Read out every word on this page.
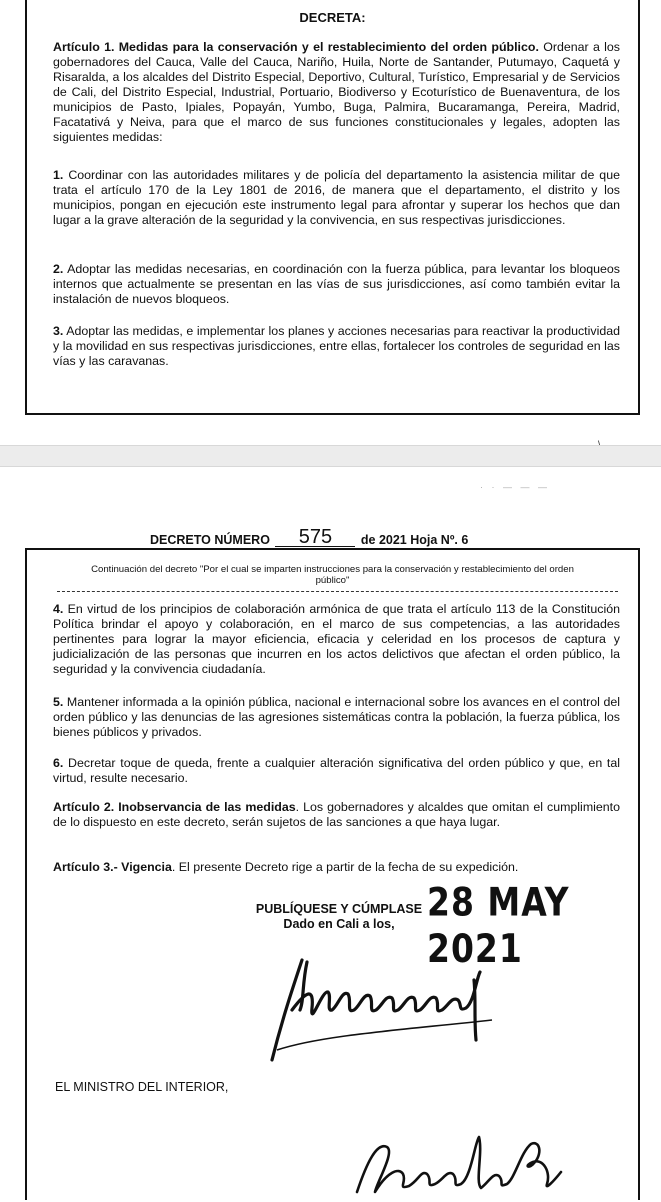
DECRETA:
Artículo 1. Medidas para la conservación y el restablecimiento del orden público. Ordenar a los gobernadores del Cauca, Valle del Cauca, Nariño, Huila, Norte de Santander, Putumayo, Caquetá y Risaralda, a los alcaldes del Distrito Especial, Deportivo, Cultural, Turístico, Empresarial y de Servicios de Cali, del Distrito Especial, Industrial, Portuario, Biodiverso y Ecoturístico de Buenaventura, de los municipios de Pasto, Ipiales, Popayán, Yumbo, Buga, Palmira, Bucaramanga, Pereira, Madrid, Facatativá y Neiva, para que el marco de sus funciones constitucionales y legales, adopten las siguientes medidas:
1. Coordinar con las autoridades militares y de policía del departamento la asistencia militar de que trata el artículo 170 de la Ley 1801 de 2016, de manera que el departamento, el distrito y los municipios, pongan en ejecución este instrumento legal para afrontar y superar los hechos que dan lugar a la grave alteración de la seguridad y la convivencia, en sus respectivas jurisdicciones.
2. Adoptar las medidas necesarias, en coordinación con la fuerza pública, para levantar los bloqueos internos que actualmente se presentan en las vías de sus jurisdicciones, así como también evitar la instalación de nuevos bloqueos.
3. Adoptar las medidas, e implementar los planes y acciones necesarias para reactivar la productividad y la movilidad en sus respectivas jurisdicciones, entre ellas, fortalecer los controles de seguridad en las vías y las caravanas.
· · — — —
DECRETO NÚMERO 575 de 2021 Hoja Nº. 6
Continuación del decreto "Por el cual se imparten instrucciones para la conservación y restablecimiento del orden público"
4. En virtud de los principios de colaboración armónica de que trata el artículo 113 de la Constitución Política brindar el apoyo y colaboración, en el marco de sus competencias, a las autoridades pertinentes para lograr la mayor eficiencia, eficacia y celeridad en los procesos de captura y judicialización de las personas que incurren en los actos delictivos que afectan el orden público, la seguridad y la convivencia ciudadanía.
5. Mantener informada a la opinión pública, nacional e internacional sobre los avances en el control del orden público y las denuncias de las agresiones sistemáticas contra la población, la fuerza pública, los bienes públicos y privados.
6. Decretar toque de queda, frente a cualquier alteración significativa del orden público y que, en tal virtud, resulte necesario.
Artículo 2. Inobservancia de las medidas. Los gobernadores y alcaldes que omitan el cumplimiento de lo dispuesto en este decreto, serán sujetos de las sanciones a que haya lugar.
Artículo 3.- Vigencia. El presente Decreto rige a partir de la fecha de su expedición.
PUBLÍQUESE Y CÚMPLASE
Dado en Cali a los, 28 MAY 2021
EL MINISTRO DEL INTERIOR,
